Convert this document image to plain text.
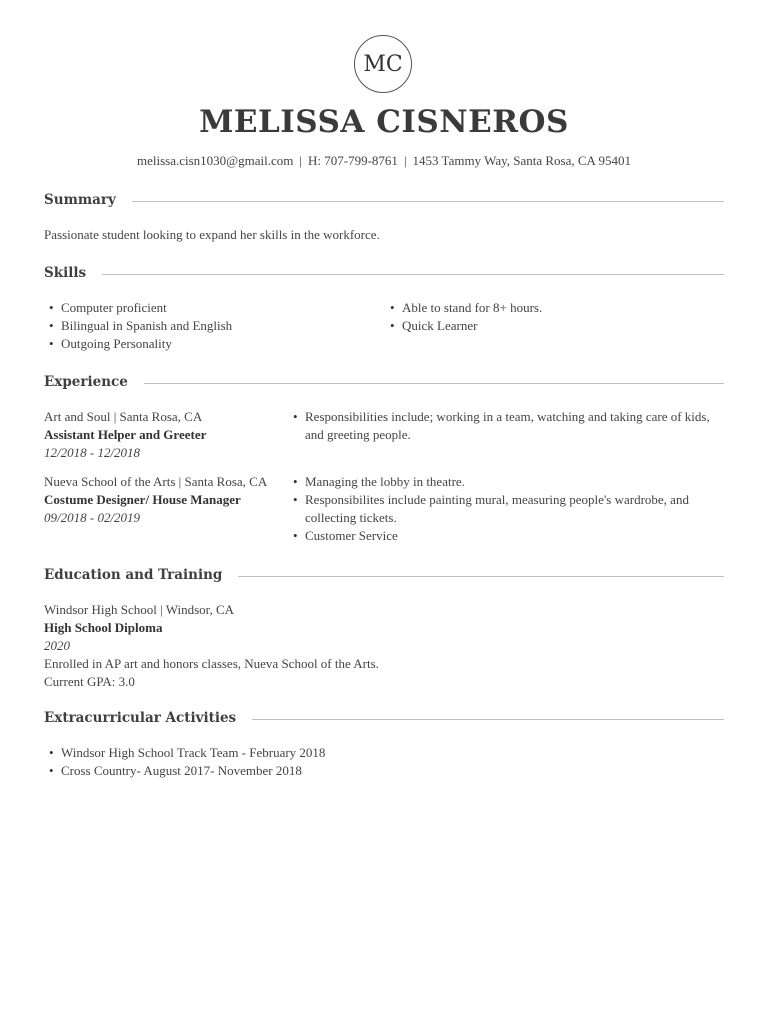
MC
MELISSA CISNEROS
melissa.cisn1030@gmail.com | H: 707-799-8761 | 1453 Tammy Way, Santa Rosa, CA 95401
Summary
Passionate student looking to expand her skills in the workforce.
Skills
• Computer proficient
• Bilingual in Spanish and English
• Outgoing Personality
• Able to stand for 8+ hours.
• Quick Learner
Experience
Art and Soul | Santa Rosa, CA
Assistant Helper and Greeter
12/2018 - 12/2018
• Responsibilities include; working in a team, watching and taking care of kids, and greeting people.
Nueva School of the Arts | Santa Rosa, CA
Costume Designer/ House Manager
09/2018 - 02/2019
• Managing the lobby in theatre.
• Responsibilites include painting mural, measuring people's wardrobe, and collecting tickets.
• Customer Service
Education and Training
Windsor High School | Windsor, CA
High School Diploma
2020
Enrolled in AP art and honors classes, Nueva School of the Arts.
Current GPA: 3.0
Extracurricular Activities
• Windsor High School Track Team - February 2018
• Cross Country- August 2017- November 2018
